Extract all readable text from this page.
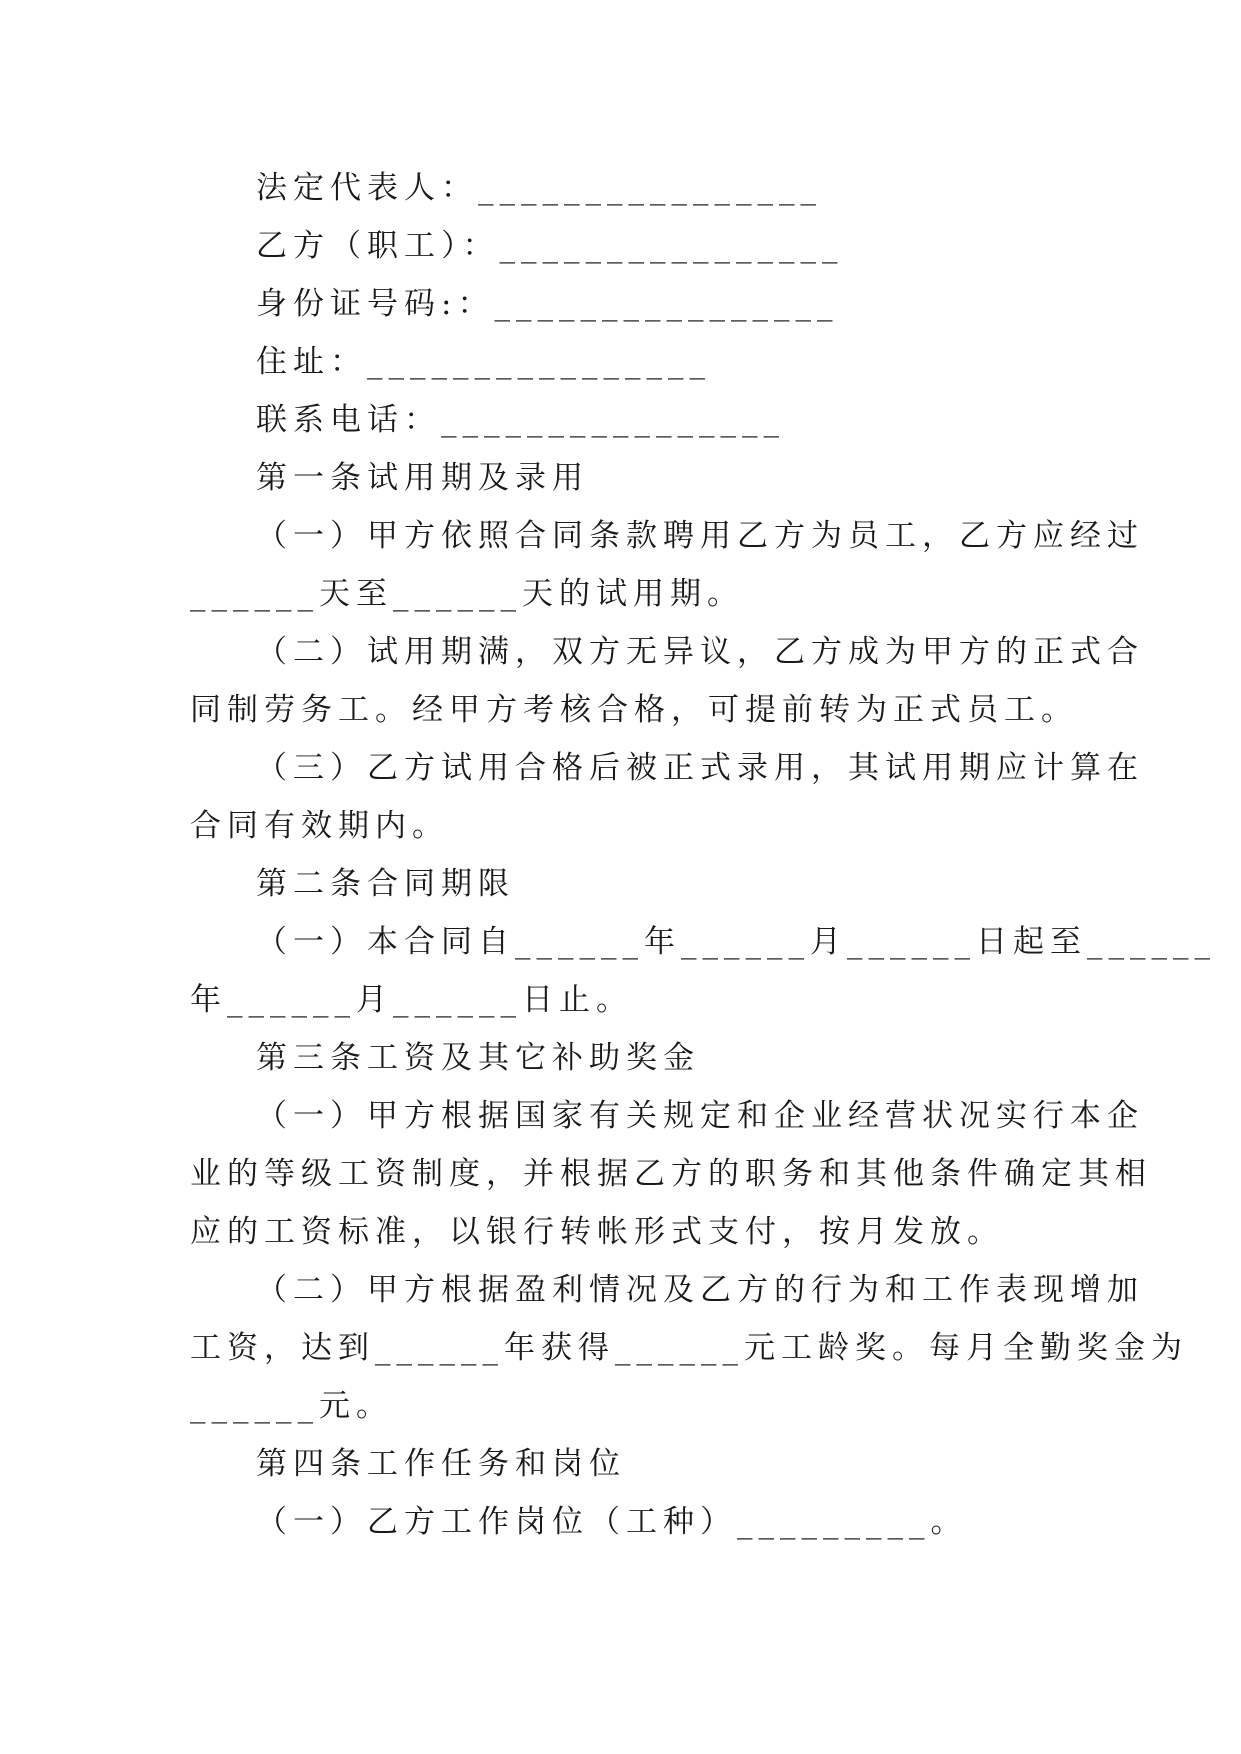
法定代表人：________________
乙方（职工）：________________
身份证号码:：________________
住址：________________
联系电话：________________
第一条试用期及录用
（一）甲方依照合同条款聘用乙方为员工，乙方应经过
______天至______天的试用期。
（二）试用期满，双方无异议，乙方成为甲方的正式合
同制劳务工。经甲方考核合格，可提前转为正式员工。
（三）乙方试用合格后被正式录用，其试用期应计算在
合同有效期内。
第二条合同期限
（一）本合同自______年______月______日起至______
年______月______日止。
第三条工资及其它补助奖金
（一）甲方根据国家有关规定和企业经营状况实行本企
业的等级工资制度，并根据乙方的职务和其他条件确定其相
应的工资标准，以银行转帐形式支付，按月发放。
（二）甲方根据盈利情况及乙方的行为和工作表现增加
工资，达到______年获得______元工龄奖。每月全勤奖金为
______元。
第四条工作任务和岗位
（一）乙方工作岗位（工种）_________。
